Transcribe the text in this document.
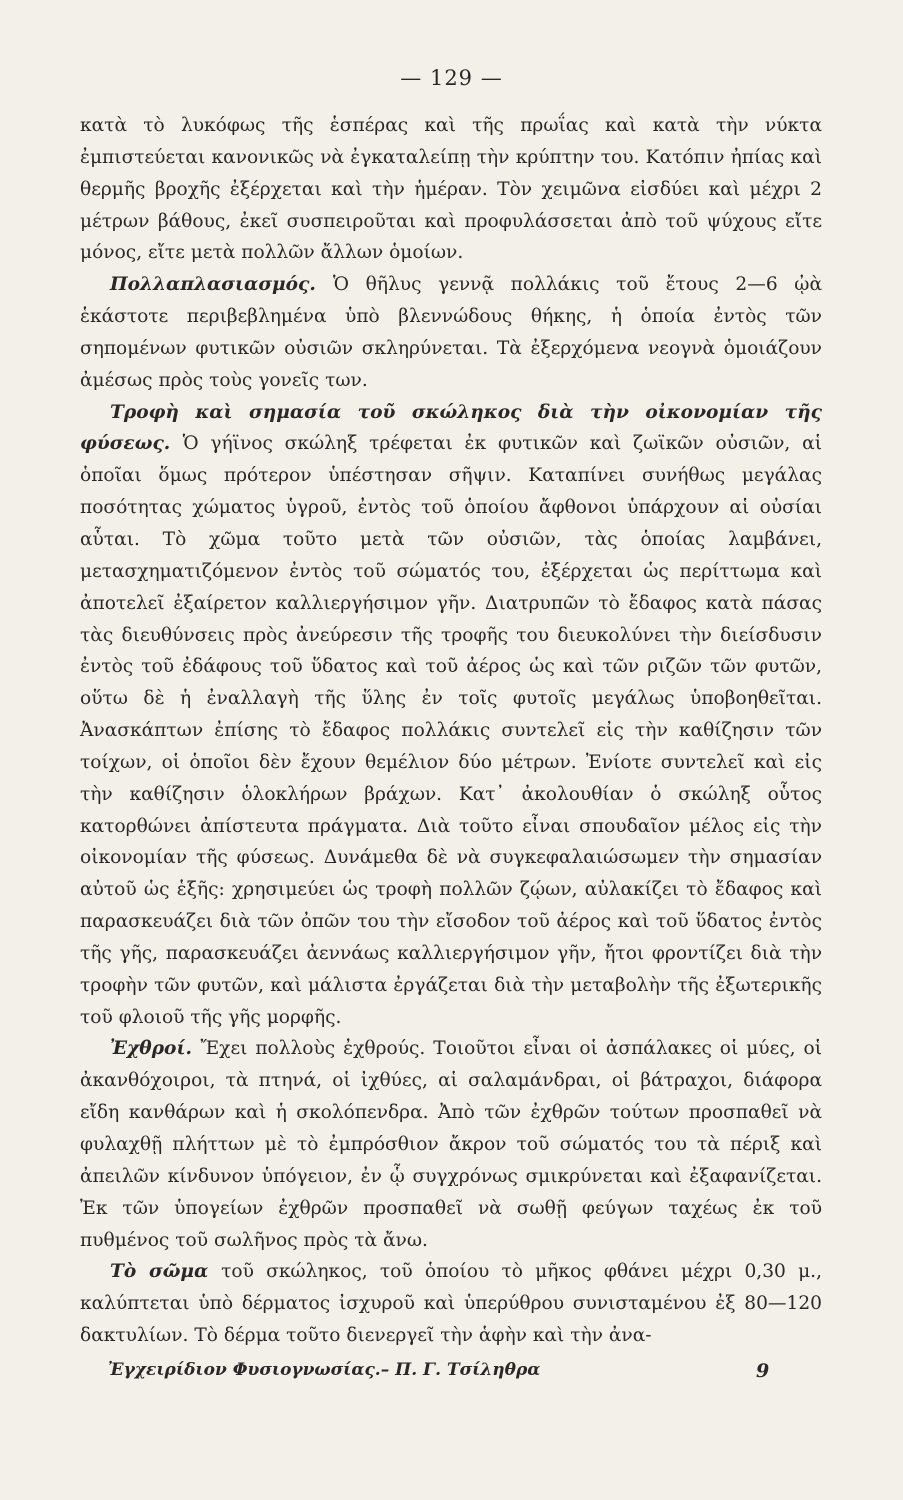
— 129 —

κατὰ τὸ λυκόφως τῆς ἑσπέρας καὶ τῆς πρωΐας καὶ κατὰ τὴν νύκτα ἐμπιστεύεται κανονικῶς νὰ ἐγκαταλείπῃ τὴν κρύπτην του. Κατόπιν ἠπίας καὶ θερμῆς βροχῆς ἐξέρχεται καὶ τὴν ἡμέραν. Τὸν χειμῶνα εἰσδύει καὶ μέχρι 2 μέτρων βάθους, ἐκεῖ συσπειροῦται καὶ προφυλάσσεται ἀπὸ τοῦ ψύχους εἴτε μόνος, εἴτε μετὰ πολλῶν ἄλλων ὁμοίων.

Πολλαπλασιασμός. Ὁ θῆλυς γεννᾷ πολλάκις τοῦ ἔτους 2—6 ᾠὰ ἑκάστοτε περιβεβλημένα ὑπὸ βλεννώδους θήκης, ἡ ὁποία ἐντὸς τῶν σηπομένων φυτικῶν οὐσιῶν σκληρύνεται. Τὰ ἐξερχόμενα νεογνὰ ὁμοιάζουν ἀμέσως πρὸς τοὺς γονεῖς των.

Τροφὴ καὶ σημασία τοῦ σκώληκος διὰ τὴν οἰκονομίαν τῆς φύσεως. Ὁ γήϊνος σκώληξ τρέφεται ἐκ φυτικῶν καὶ ζωϊκῶν οὐσιῶν, αἱ ὁποῖαι ὅμως πρότερον ὑπέστησαν σῆψιν. Καταπίνει συνήθως μεγάλας ποσότητας χώματος ὑγροῦ, ἐντὸς τοῦ ὁποίου ἄφθονοι ὑπάρχουν αἱ οὐσίαι αὗται. Τὸ χῶμα τοῦτο μετὰ τῶν οὐσιῶν, τὰς ὁποίας λαμβάνει, μετασχηματιζόμενον ἐντὸς τοῦ σώματός του, ἐξέρχεται ὡς περίττωμα καὶ ἀποτελεῖ ἐξαίρετον καλλιεργήσιμον γῆν. Διατρυπῶν τὸ ἔδαφος κατὰ πάσας τὰς διευθύνσεις πρὸς ἀνεύρεσιν τῆς τροφῆς του διευκολύνει τὴν διείσδυσιν ἐντὸς τοῦ ἐδάφους τοῦ ὕδατος καὶ τοῦ ἀέρος ὡς καὶ τῶν ριζῶν τῶν φυτῶν, οὕτω δὲ ἡ ἐναλλαγὴ τῆς ὕλης ἐν τοῖς φυτοῖς μεγάλως ὑποβοηθεῖται. Ἀνασκάπτων ἐπίσης τὸ ἔδαφος πολλάκις συντελεῖ εἰς τὴν καθίζησιν τῶν τοίχων, οἱ ὁποῖοι δὲν ἔχουν θεμέλιον δύο μέτρων. Ἐνίοτε συντελεῖ καὶ εἰς τὴν καθίζησιν ὁλοκλήρων βράχων. Κατ᾽ ἀκολουθίαν ὁ σκώληξ οὗτος κατορθώνει ἀπίστευτα πράγματα. Διὰ τοῦτο εἶναι σπουδαῖον μέλος εἰς τὴν οἰκονομίαν τῆς φύσεως. Δυνάμεθα δὲ νὰ συγκεφαλαιώσωμεν τὴν σημασίαν αὐτοῦ ὡς ἑξῆς: χρησιμεύει ὡς τροφὴ πολλῶν ζῴων, αὐλακίζει τὸ ἔδαφος καὶ παρασκευάζει διὰ τῶν ὀπῶν του τὴν εἴσοδον τοῦ ἀέρος καὶ τοῦ ὕδατος ἐντὸς τῆς γῆς, παρασκευάζει ἀεννάως καλλιεργήσιμον γῆν, ἤτοι φροντίζει διὰ τὴν τροφὴν τῶν φυτῶν, καὶ μάλιστα ἐργάζεται διὰ τὴν μεταβολὴν τῆς ἐξωτερικῆς τοῦ φλοιοῦ τῆς γῆς μορφῆς.

Ἐχθροί. Ἔχει πολλοὺς ἐχθρούς. Τοιοῦτοι εἶναι οἱ ἀσπάλακες οἱ μύες, οἱ ἀκανθόχοιροι, τὰ πτηνά, οἱ ἰχθύες, αἱ σαλαμάνδραι, οἱ βάτραχοι, διάφορα εἴδη κανθάρων καὶ ἡ σκολόπενδρα. Ἀπὸ τῶν ἐχθρῶν τούτων προσπαθεῖ νὰ φυλαχθῇ πλήττων μὲ τὸ ἐμπρόσθιον ἄκρον τοῦ σώματός του τὰ πέριξ καὶ ἀπειλῶν κίνδυνον ὑπόγειον, ἐν ᾧ συγχρόνως σμικρύνεται καὶ ἐξαφανίζεται. Ἐκ τῶν ὑπογείων ἐχθρῶν προσπαθεῖ νὰ σωθῇ φεύγων ταχέως ἐκ τοῦ πυθμένος τοῦ σωλῆνος πρὸς τὰ ἄνω.

Τὸ σῶμα τοῦ σκώληκος, τοῦ ὁποίου τὸ μῆκος φθάνει μέχρι 0,30 μ., καλύπτεται ὑπὸ δέρματος ἰσχυροῦ καὶ ὑπερύθρου συνισταμένου ἐξ 80—120 δακτυλίων. Τὸ δέρμα τοῦτο διενεργεῖ τὴν ἁφὴν καὶ τὴν ἀνα-

Ἐγχειρίδιον Φυσιογνωσίας.– Π. Γ. Τσίληθρα	9
